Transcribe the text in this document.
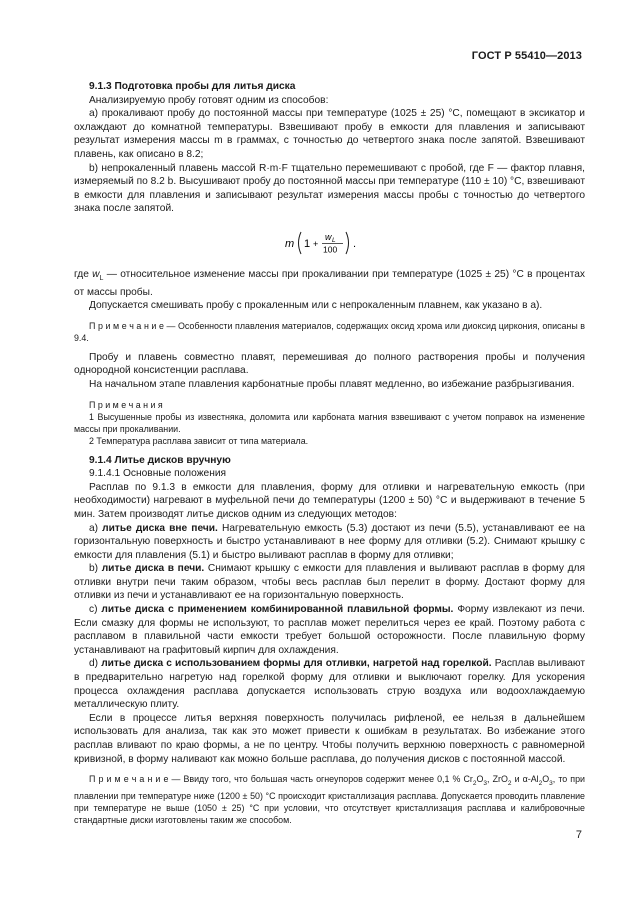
ГОСТ Р 55410—2013

9.1.3 Подготовка пробы для литья диска

Анализируемую пробу готовят одним из способов:

a) прокаливают пробу до постоянной массы при температуре (1025 ± 25) °С, помещают в эксикатор и охлаждают до комнатной температуры. Взвешивают пробу в емкости для плавления и записывают результат измерения массы m в граммах, с точностью до четвертого знака после запятой. Взвешивают плавень, как описано в 8.2;

b) непрокаленный плавень массой R·m·F тщательно перемешивают с пробой, где F — фактор плавня, измеряемый по 8.2 b. Высушивают пробу до постоянной массы при температуре (110 ± 10) °С, взвешивают в емкости для плавления и записывают результат измерения массы пробы с точностью до четвертого знака после запятой.

m 1 +
w L
100 .

где $w_L$ — относительное изменение массы при прокаливании при температуре (1025 ± 25) °С в процентах от массы пробы.

Допускается смешивать пробу с прокаленным или с непрокаленным плавнем, как указано в а).

П р и м е ч а н и е — Особенности плавления материалов, содержащих оксид хрома или диоксид циркония, описаны в 9.4.

Пробу и плавень совместно плавят, перемешивая до полного растворения пробы и получения однородной консистенции расплава.

На начальном этапе плавления карбонатные пробы плавят медленно, во избежание разбрызгивания.

П р и м е ч а н и я

1 Высушенные пробы из известняка, доломита или карбоната магния взвешивают с учетом поправок на изменение массы при прокаливании.

2 Температура расплава зависит от типа материала.

9.1.4 Литье дисков вручную

9.1.4.1 Основные положения

Расплав по 9.1.3 в емкости для плавления, форму для отливки и нагревательную емкость (при необходимости) нагревают в муфельной печи до температуры (1200 ± 50) °С и выдерживают в течение 5 мин. Затем производят литье дисков одним из следующих методов:

а) литье диска вне печи. Нагревательную емкость (5.3) достают из печи (5.5), устанавливают ее на горизонтальную поверхность и быстро устанавливают в нее форму для отливки (5.2). Снимают крышку с емкости для плавления (5.1) и быстро выливают расплав в форму для отливки;

b) литье диска в печи. Снимают крышку с емкости для плавления и выливают расплав в форму для отливки внутри печи таким образом, чтобы весь расплав был перелит в форму. Достают форму для отливки из печи и устанавливают ее на горизонтальную поверхность.

c) литье диска с применением комбинированной плавильной формы. Форму извлекают из печи. Если смазку для формы не используют, то расплав может перелиться через ее край. Поэтому работа с расплавом в плавильной части емкости требует большой осторожности. После плавильную форму устанавливают на графитовый кирпич для охлаждения.

d) литье диска с использованием формы для отливки, нагретой над горелкой. Расплав выливают в предварительно нагретую над горелкой форму для отливки и выключают горелку. Для ускорения процесса охлаждения расплава допускается использовать струю воздуха или водоохлаждаемую металлическую плиту.

Если в процессе литья верхняя поверхность получилась рифленой, ее нельзя в дальнейшем использовать для анализа, так как это может привести к ошибкам в результатах. Во избежание этого расплав вливают по краю формы, а не по центру. Чтобы получить верхнюю поверхность с равномерной кривизной, в форму наливают как можно больше расплава, до получения дисков с постоянной массой.

П р и м е ч а н и е — Ввиду того, что большая часть огнеупоров содержит менее 0,1 % $Cr_2O_3$, ZrO$_2$ и $\alpha-Al_2O_3$, то при плавлении при температуре ниже (1200 ± 50) °С происходит кристаллизация расплава. Допускается проводить плавление при температуре не выше (1050 ± 25) °С при условии, что отсутствует кристаллизация расплава и калибровочные стандартные диски изготовлены таким же способом.

7
